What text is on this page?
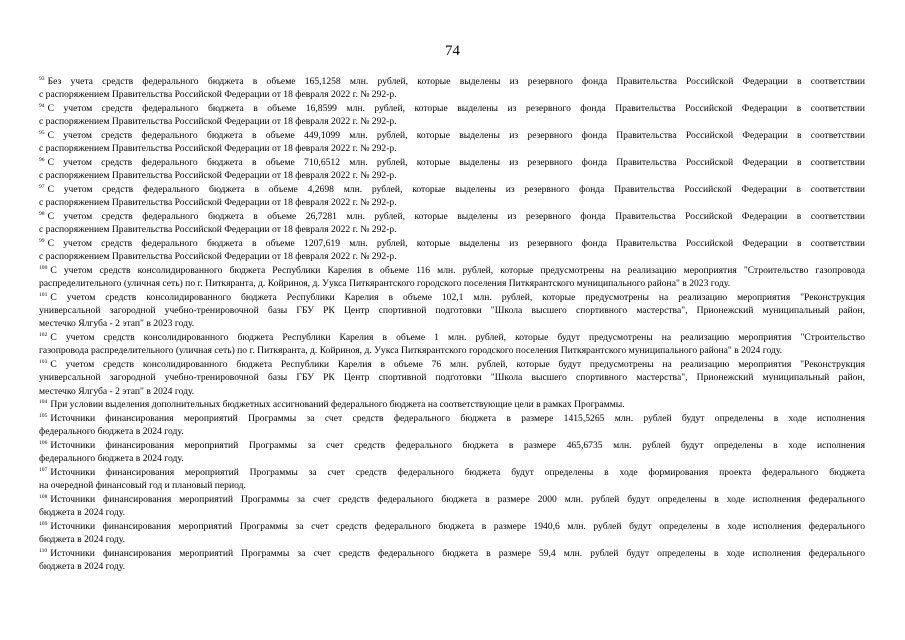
74
$^{93}$ Без учета средств федерального бюджета в объеме 165,1258 млн. рублей, которые выделены из резервного фонда Правительства Российской Федерации в соответствии
с распоряжением Правительства Российской Федерации от 18 февраля 2022 г. № 292-р.
$^{94}$ С учетом средств федерального бюджета в объеме 16,8599 млн. рублей, которые выделены из резервного фонда Правительства Российской Федерации в соответствии
с распоряжением Правительства Российской Федерации от 18 февраля 2022 г. № 292-р.
$^{95}$ С учетом средств федерального бюджета в объеме 449,1099 млн. рублей, которые выделены из резервного фонда Правительства Российской Федерации в соответствии
с распоряжением Правительства Российской Федерации от 18 февраля 2022 г. № 292-р.
$^{96}$ С учетом средств федерального бюджета в объеме 710,6512 млн. рублей, которые выделены из резервного фонда Правительства Российской Федерации в соответствии
с распоряжением Правительства Российской Федерации от 18 февраля 2022 г. № 292-р.
$^{97}$ С учетом средств федерального бюджета в объеме 4,2698 млн. рублей, которые выделены из резервного фонда Правительства Российской Федерации в соответствии
с распоряжением Правительства Российской Федерации от 18 февраля 2022 г. № 292-р.
$^{98}$ С учетом средств федерального бюджета в объеме 26,7281 млн. рублей, которые выделены из резервного фонда Правительства Российской Федерации в соответствии
с распоряжением Правительства Российской Федерации от 18 февраля 2022 г. № 292-р.
$^{99}$ С учетом средств федерального бюджета в объеме 1207,619 млн. рублей, которые выделены из резервного фонда Правительства Российской Федерации в соответствии
с распоряжением Правительства Российской Федерации от 18 февраля 2022 г. № 292-р.
$^{100}$ С учетом средств консолидированного бюджета Республики Карелия в объеме 116 млн. рублей, которые предусмотрены на реализацию мероприятия "Строительство газопровода
распределительного (уличная сеть) по г. Питкяранта, д. Койриноя, д. Ууксa Питкярантского городского поселения Питкярантского муниципального района" в 2023 году.
$^{101}$ С учетом средств консолидированного бюджета Республики Карелия в объеме 102,1 млн. рублей, которые предусмотрены на реализацию мероприятия "Реконструкция
универсальной загородной учебно-тренировочной базы ГБУ РК Центр спортивной подготовки "Школа высшего спортивного мастерства", Прионежский муниципальный район,
местечко Ялгуба - 2 этап" в 2023 году.
$^{102}$ С учетом средств консолидированного бюджета Республики Карелия в объеме 1 млн. рублей, которые будут предусмотрены на реализацию мероприятия "Строительство
газопровода распределительного (уличная сеть) по г. Питкяранта, д. Койриноя, д. Ууксa Питкярантского городского поселения Питкярантского муниципального района" в 2024 году.
$^{103}$ С учетом средств консолидированного бюджета Республики Карелия в объеме 76 млн. рублей, которые будут предусмотрены на реализацию мероприятия "Реконструкция
универсальной загородной учебно-тренировочной базы ГБУ РК Центр спортивной подготовки "Школа высшего спортивного мастерства", Прионежский муниципальный район,
местечко Ялгуба - 2 этап" в 2024 году.
$^{104}$ При условии выделения дополнительных бюджетных ассигнований федерального бюджета на соответствующие цели в рамках Программы.
$^{105}$ Источники финансирования мероприятий Программы за счет средств федерального бюджета в размере 1415,5265 млн. рублей будут определены в ходе исполнения
федерального бюджета в 2024 году.
$^{106}$ Источники финансирования мероприятий Программы за счет средств федерального бюджета в размере 465,6735 млн. рублей будут определены в ходе исполнения
федерального бюджета в 2024 году.
$^{107}$ Источники финансирования мероприятий Программы за счет средств федерального бюджета будут определены в ходе формирования проекта федерального бюджета
на очередной финансовый год и плановый период.
$^{108}$ Источники финансирования мероприятий Программы за счет средств федерального бюджета в размере 2000 млн. рублей будут определены в ходе исполнения федерального
бюджета в 2024 году.
$^{109}$ Источники финансирования мероприятий Программы за счет средств федерального бюджета в размере 1940,6 млн. рублей будут определены в ходе исполнения федерального
бюджета в 2024 году.
$^{110}$ Источники финансирования мероприятий Программы за счет средств федерального бюджета в размере 59,4 млн. рублей будут определены в ходе исполнения федерального
бюджета в 2024 году.
